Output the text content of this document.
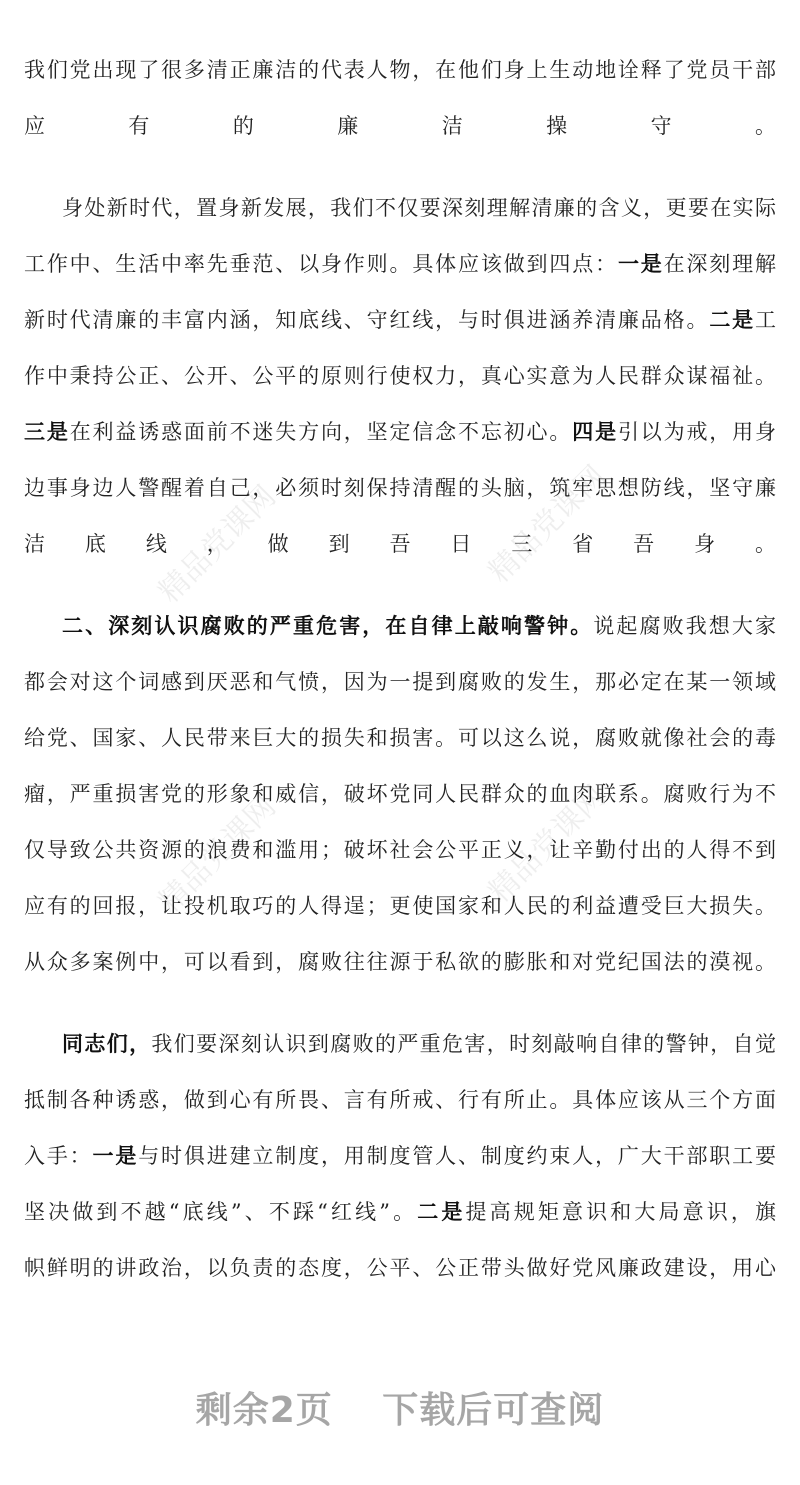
精品党课网	精品党课网
精品党课网	精品党课网
我们党出现了很多清正廉洁的代表人物，在他们身上生动地诠释了党员干部
应有的廉洁操守。
身处新时代，置身新发展，我们不仅要深刻理解清廉的含义，更要在实际
工作中、生活中率先垂范、以身作则。具体应该做到四点：一是在深刻理解
新时代清廉的丰富内涵，知底线、守红线，与时俱进涵养清廉品格。二是工
作中秉持公正、公开、公平的原则行使权力，真心实意为人民群众谋福祉。
三是在利益诱惑面前不迷失方向，坚定信念不忘初心。四是引以为戒，用身
边事身边人警醒着自己，必须时刻保持清醒的头脑，筑牢思想防线，坚守廉
洁底线，做到吾日三省吾身。
二、深刻认识腐败的严重危害，在自律上敲响警钟。说起腐败我想大家
都会对这个词感到厌恶和气愤，因为一提到腐败的发生，那必定在某一领域
给党、国家、人民带来巨大的损失和损害。可以这么说，腐败就像社会的毒
瘤，严重损害党的形象和威信，破坏党同人民群众的血肉联系。腐败行为不
仅导致公共资源的浪费和滥用；破坏社会公平正义，让辛勤付出的人得不到
应有的回报，让投机取巧的人得逞；更使国家和人民的利益遭受巨大损失。
从众多案例中，可以看到，腐败往往源于私欲的膨胀和对党纪国法的漠视。
同志们，我们要深刻认识到腐败的严重危害，时刻敲响自律的警钟，自觉
抵制各种诱惑，做到心有所畏、言有所戒、行有所止。具体应该从三个方面
入手：一是与时俱进建立制度，用制度管人、制度约束人，广大干部职工要
坚决做到不越“底线”、不踩“红线”。二是提高规矩意识和大局意识，旗
帜鲜明的讲政治，以负责的态度，公平、公正带头做好党风廉政建设，用心
剩余2页 下载后可查阅
